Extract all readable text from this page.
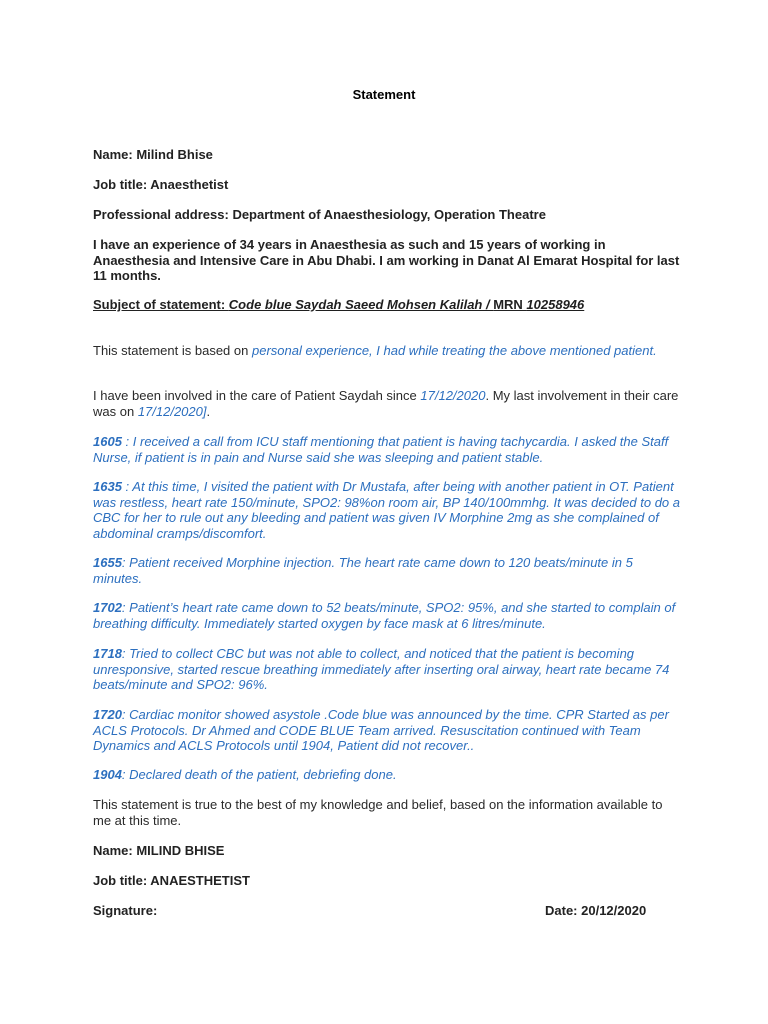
Statement
Name: Milind Bhise
Job title: Anaesthetist
Professional address: Department of Anaesthesiology, Operation Theatre
I have an experience of 34 years in Anaesthesia as such and 15 years of working in Anaesthesia and Intensive Care in Abu Dhabi. I am working in Danat Al Emarat Hospital for last 11 months.
Subject of statement: Code blue Saydah Saeed Mohsen Kalilah / MRN 10258946
This statement is based on personal experience, I had while treating the above mentioned patient.
I have been involved in the care of Patient Saydah since 17/12/2020. My last involvement in their care was on 17/12/2020].
1605 : I received a call from ICU staff mentioning that patient is having tachycardia. I asked the Staff Nurse, if patient is in pain and Nurse said she was sleeping and patient stable.
1635 : At this time, I visited the patient with Dr Mustafa, after being with another patient in OT. Patient was restless, heart rate 150/minute, SPO2: 98%on room air, BP 140/100mmhg. It was decided to do a CBC for her to rule out any bleeding and patient was given IV Morphine 2mg as she complained of abdominal cramps/discomfort.
1655: Patient received Morphine injection. The heart rate came down to 120 beats/minute in 5 minutes.
1702: Patient’s heart rate came down to 52 beats/minute, SPO2: 95%, and she started to complain of breathing difficulty. Immediately started oxygen by face mask at 6 litres/minute.
1718: Tried to collect CBC but was not able to collect, and noticed that the patient is becoming unresponsive, started rescue breathing immediately after inserting oral airway, heart rate became 74 beats/minute and SPO2: 96%.
1720: Cardiac monitor showed asystole .Code blue was announced by the time. CPR Started as per ACLS Protocols. Dr Ahmed and CODE BLUE Team arrived. Resuscitation continued with Team Dynamics and ACLS Protocols until 1904, Patient did not recover..
1904: Declared death of the patient, debriefing done.
This statement is true to the best of my knowledge and belief, based on the information available to me at this time.
Name: MILIND BHISE
Job title: ANAESTHETIST
Signature:	Date: 20/12/2020
